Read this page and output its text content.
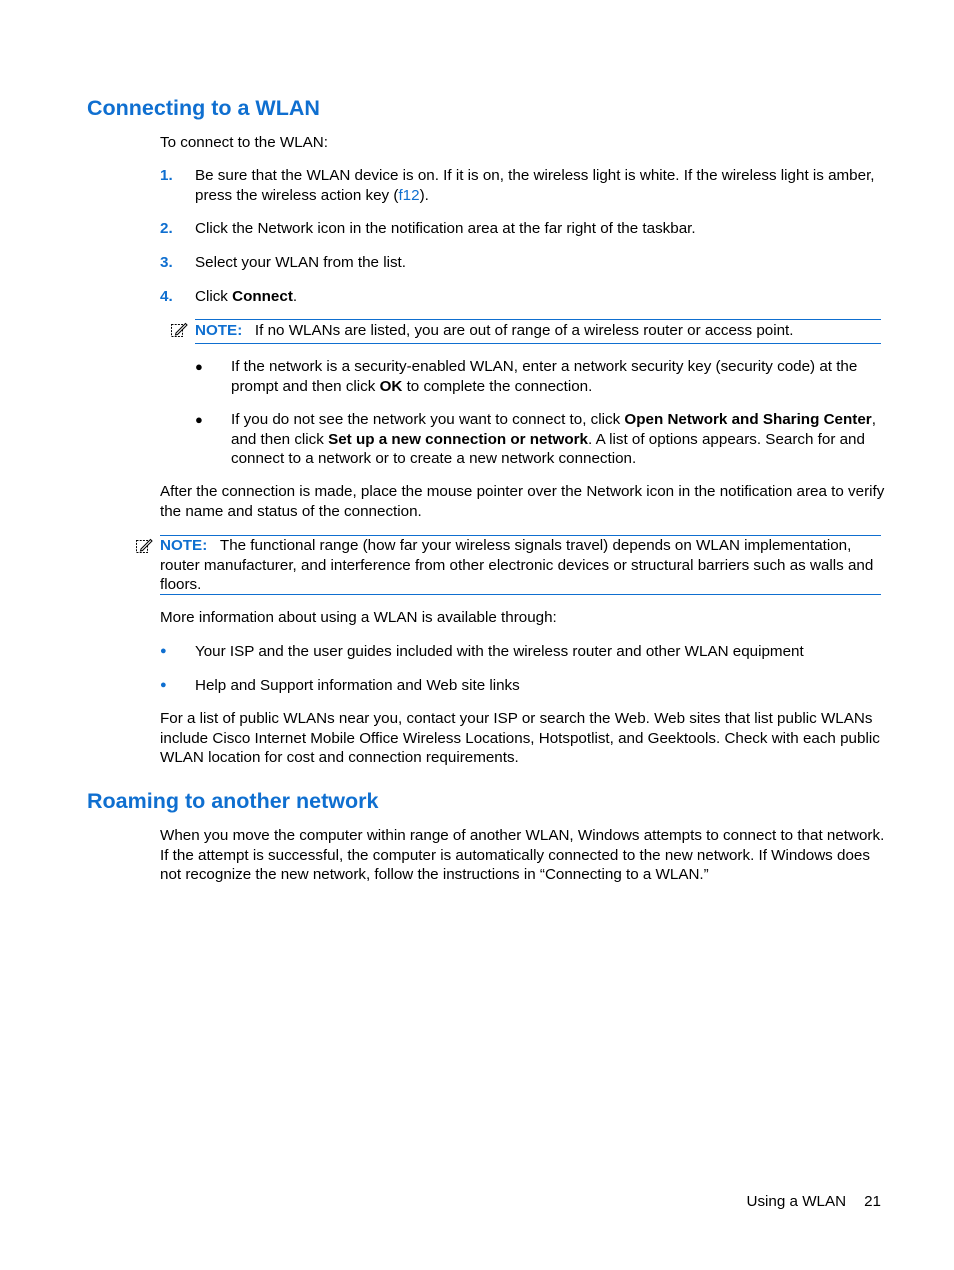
Connecting to a WLAN

To connect to the WLAN:

1. Be sure that the WLAN device is on. If it is on, the wireless light is white. If the wireless light is amber, press the wireless action key (f12).
2. Click the Network icon in the notification area at the far right of the taskbar.
3. Select your WLAN from the list.
4. Click Connect.
NOTE: If no WLANs are listed, you are out of range of a wireless router or access point.
● If the network is a security-enabled WLAN, enter a network security key (security code) at the prompt and then click OK to complete the connection.
● If you do not see the network you want to connect to, click Open Network and Sharing Center, and then click Set up a new connection or network. A list of options appears. Search for and connect to a network or to create a new network connection.

After the connection is made, place the mouse pointer over the Network icon in the notification area to verify the name and status of the connection.

NOTE: The functional range (how far your wireless signals travel) depends on WLAN implementation, router manufacturer, and interference from other electronic devices or structural barriers such as walls and floors.

More information about using a WLAN is available through:

● Your ISP and the user guides included with the wireless router and other WLAN equipment
● Help and Support information and Web site links

For a list of public WLANs near you, contact your ISP or search the Web. Web sites that list public WLANs include Cisco Internet Mobile Office Wireless Locations, Hotspotlist, and Geektools. Check with each public WLAN location for cost and connection requirements.

Roaming to another network

When you move the computer within range of another WLAN, Windows attempts to connect to that network. If the attempt is successful, the computer is automatically connected to the new network. If Windows does not recognize the new network, follow the instructions in “Connecting to a WLAN.”

Using a WLAN 21
